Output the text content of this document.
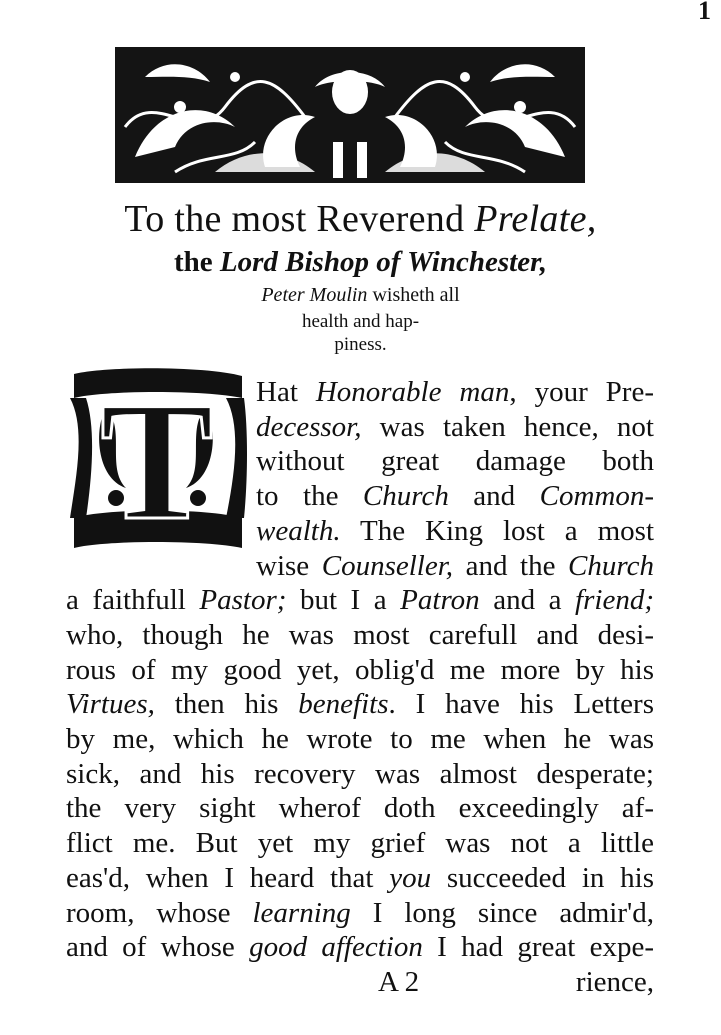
1
To the most Reverend Prelate,
the Lord Bishop of Winchester,
Peter Moulin wisheth all
health and hap-
piness.
T Hat Honorable man, your Pre-
decessor, was taken hence, not
without great damage both
to the Church and Common-
wealth. The King lost a most
wise Counseller, and the Church
a faithfull Pastor; but I a Patron and a friend;
who, though he was most carefull and desi-
rous of my good yet, oblig'd me more by his
Virtues, then his benefits. I have his Letters
by me, which he wrote to me when he was
sick, and his recovery was almost desperate;
the very sight wherof doth exceedingly af-
flict me. But yet my grief was not a little
eas'd, when I heard that you succeeded in his
room, whose learning I long since admir'd,
and of whose good affection I had great expe-
A 2	rience,
